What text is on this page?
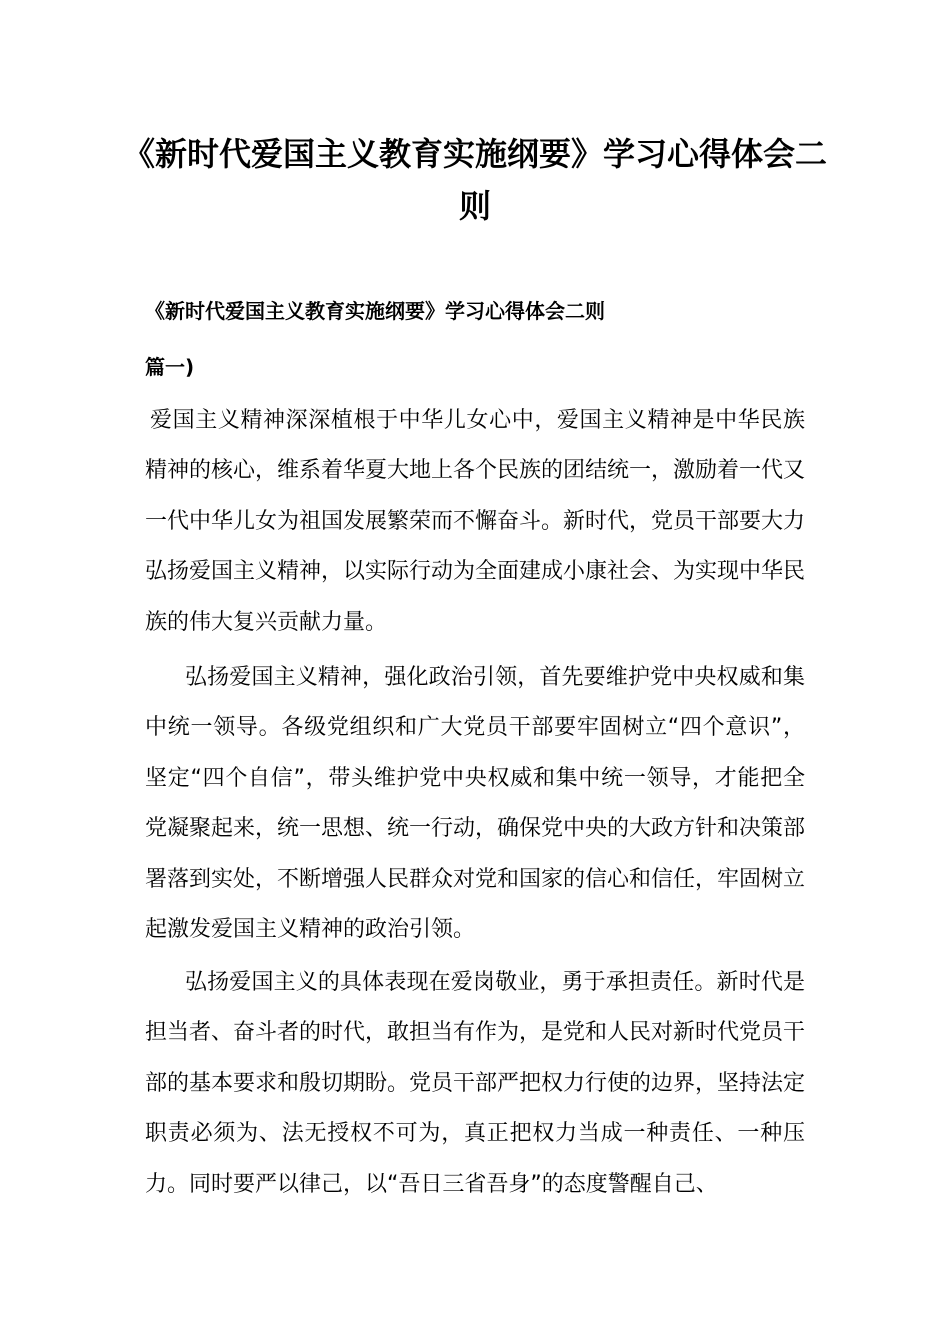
《新时代爱国主义教育实施纲要》学习心得体会二则

《新时代爱国主义教育实施纲要》学习心得体会二则

篇一)

爱国主义精神深深植根于中华儿女心中，爱国主义精神是中华民族精神的核心，维系着华夏大地上各个民族的团结统一，激励着一代又一代中华儿女为祖国发展繁荣而不懈奋斗。新时代，党员干部要大力弘扬爱国主义精神，以实际行动为全面建成小康社会、为实现中华民族的伟大复兴贡献力量。

弘扬爱国主义精神，强化政治引领，首先要维护党中央权威和集中统一领导。各级党组织和广大党员干部要牢固树立“四个意识”，坚定“四个自信”，带头维护党中央权威和集中统一领导，才能把全党凝聚起来，统一思想、统一行动，确保党中央的大政方针和决策部署落到实处，不断增强人民群众对党和国家的信心和信任，牢固树立起激发爱国主义精神的政治引领。

弘扬爱国主义的具体表现在爱岗敬业，勇于承担责任。新时代是担当者、奋斗者的时代，敢担当有作为，是党和人民对新时代党员干部的基本要求和殷切期盼。党员干部严把权力行使的边界，坚持法定职责必须为、法无授权不可为，真正把权力当成一种责任、一种压力。同时要严以律己，以“吾日三省吾身”的态度警醒自己、
